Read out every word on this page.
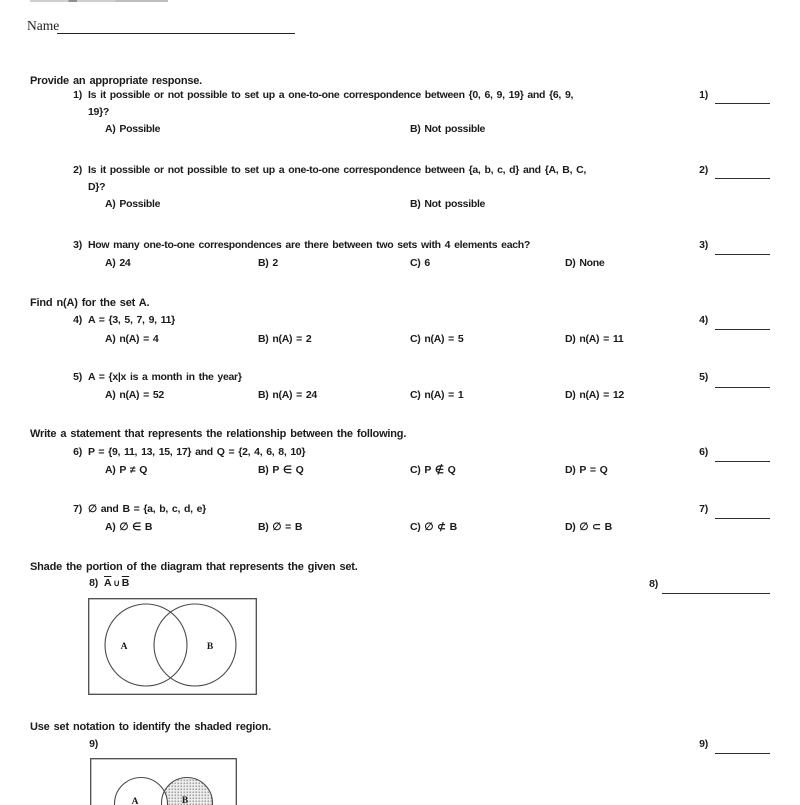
Name
Provide an appropriate response.
1) Is it possible or not possible to set up a one-to-one correspondence between {0, 6, 9, 19} and {6, 9,
19}?
A) Possible	B) Not possible
2) Is it possible or not possible to set up a one-to-one correspondence between {a, b, c, d} and {A, B, C,
D}?
A) Possible	B) Not possible
3) How many one-to-one correspondences are there between two sets with 4 elements each?
A) 24	B) 2	C) 6	D) None
Find n(A) for the set A.
4) A = {3, 5, 7, 9, 11}
A) n(A) = 4	B) n(A) = 2	C) n(A) = 5	D) n(A) = 11
5) A = {x|x is a month in the year}
A) n(A) = 52	B) n(A) = 24	C) n(A) = 1	D) n(A) = 12
Write a statement that represents the relationship between the following.
6) P = {9, 11, 13, 15, 17} and Q = {2, 4, 6, 8, 10}
A) P ≠ Q	B) P ∈ Q	C) P ∉ Q	D) P = Q
7) ∅ and B = {a, b, c, d, e}
A) ∅ ∈ B	B) ∅ = B	C) ∅ ⊄ B	D) ∅ ⊂ B
Shade the portion of the diagram that represents the given set.
8) $\overline{A}$ ∪ $\overline{B}$
A	B
Use set notation to identify the shaded region.
9)
A	B
1)
2)
3)
4)
5)
6)
7)
8)
9)
